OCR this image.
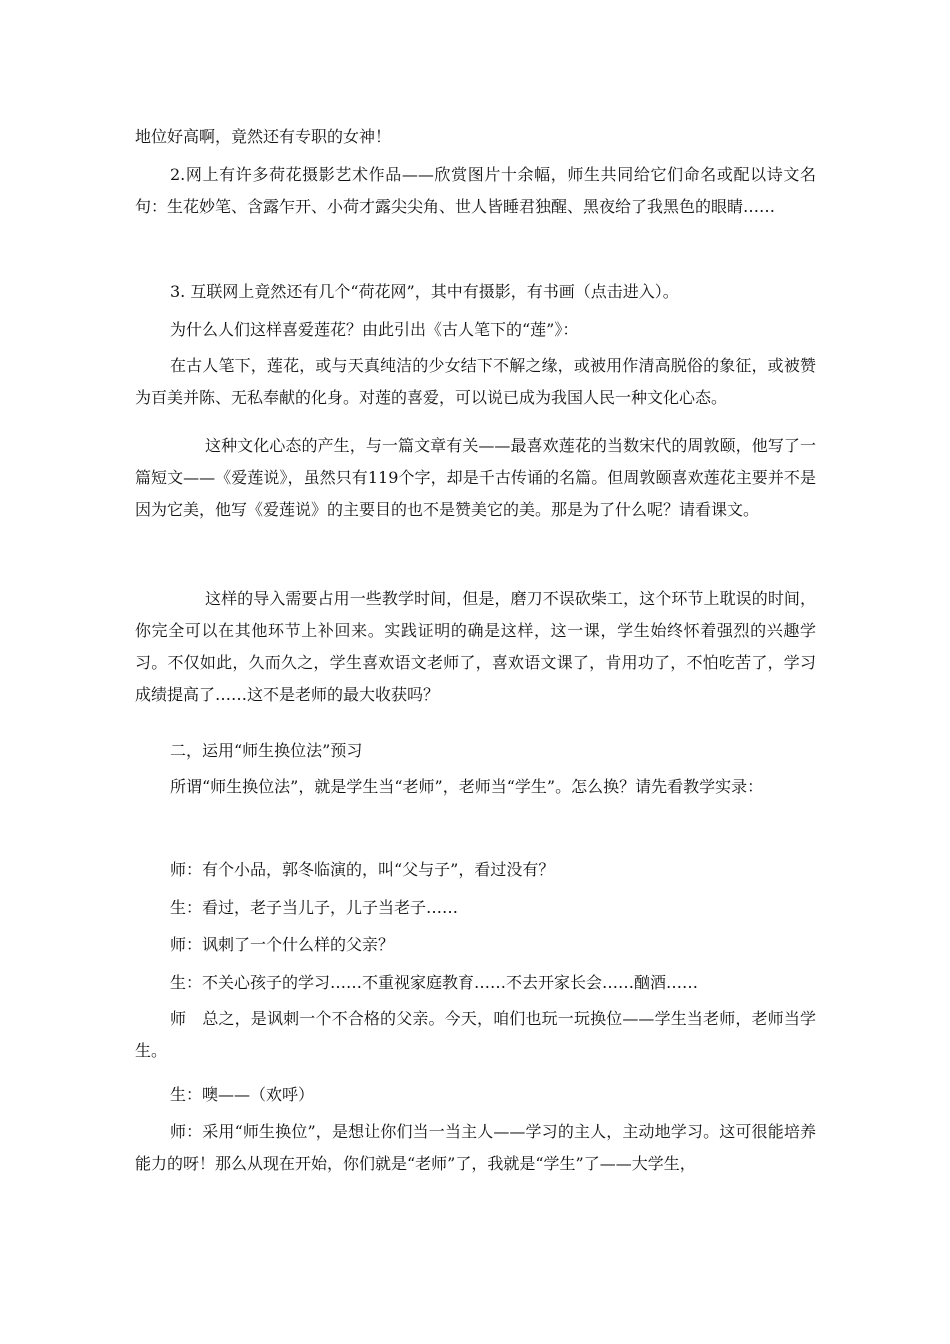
地位好高啊，竟然还有专职的女神！

2.网上有许多荷花摄影艺术作品——欣赏图片十余幅，师生共同给它们命名或配以诗文名句：生花妙笔、含露乍开、小荷才露尖尖角、世人皆睡君独醒、黑夜给了我黑色的眼睛……

3. 互联网上竟然还有几个“荷花网”，其中有摄影，有书画（点击进入）。

为什么人们这样喜爱莲花？由此引出《古人笔下的“莲”》：

在古人笔下，莲花，或与天真纯洁的少女结下不解之缘，或被用作清高脱俗的象征，或被赞为百美并陈、无私奉献的化身。对莲的喜爱，可以说已成为我国人民一种文化心态。

这种文化心态的产生，与一篇文章有关——最喜欢莲花的当数宋代的周敦颐，他写了一篇短文——《爱莲说》，虽然只有119个字，却是千古传诵的名篇。但周敦颐喜欢莲花主要并不是因为它美，他写《爱莲说》的主要目的也不是赞美它的美。那是为了什么呢？请看课文。

这样的导入需要占用一些教学时间，但是，磨刀不误砍柴工，这个环节上耽误的时间，你完全可以在其他环节上补回来。实践证明的确是这样，这一课，学生始终怀着强烈的兴趣学习。不仅如此，久而久之，学生喜欢语文老师了，喜欢语文课了，肯用功了，不怕吃苦了，学习成绩提高了……这不是老师的最大收获吗？

二，运用“师生换位法”预习

所谓“师生换位法”，就是学生当“老师”，老师当“学生”。怎么换？请先看教学实录：

师：有个小品，郭冬临演的，叫“父与子”，看过没有？

生：看过，老子当儿子，儿子当老子……

师：讽刺了一个什么样的父亲？

生：不关心孩子的学习……不重视家庭教育……不去开家长会……酗酒……

师　总之，是讽刺一个不合格的父亲。今天，咱们也玩一玩换位——学生当老师，老师当学生。

生：噢——（欢呼）

师：采用“师生换位”，是想让你们当一当主人——学习的主人，主动地学习。这可很能培养能力的呀！那么从现在开始，你们就是“老师”了，我就是“学生”了——大学生，
